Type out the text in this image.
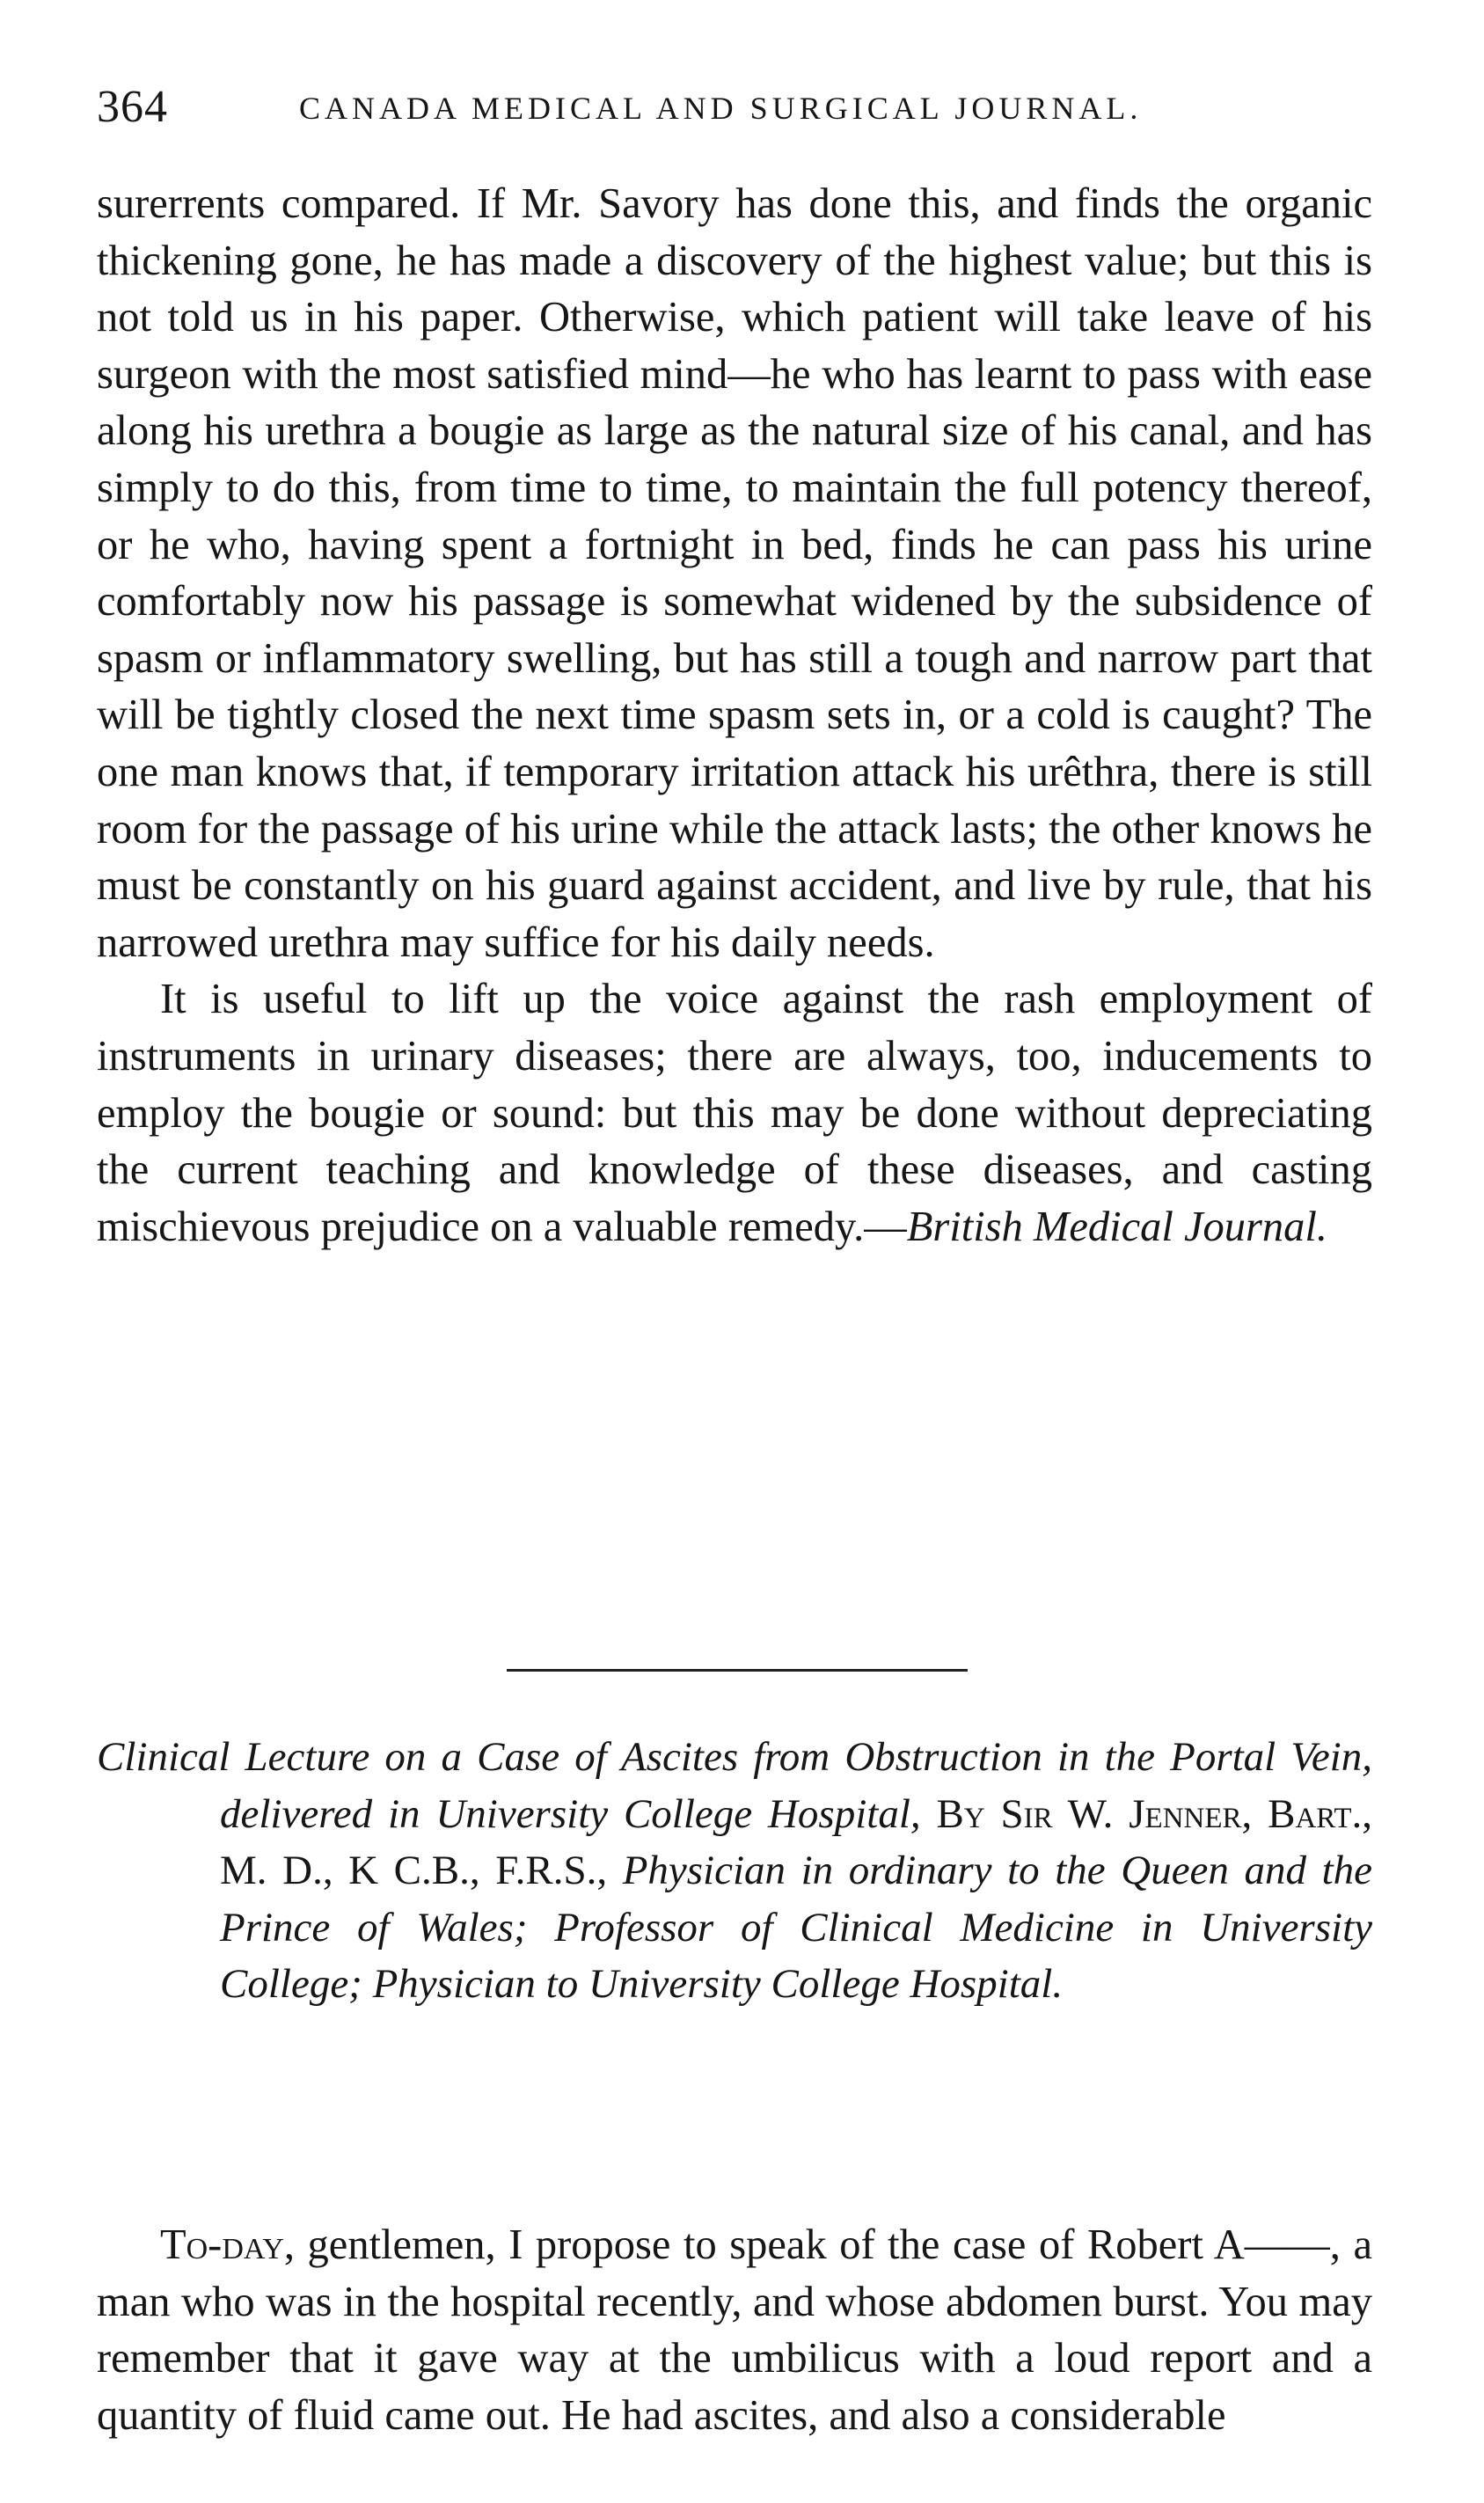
364	CANADA MEDICAL AND SURGICAL JOURNAL.

surerrents compared. If Mr. Savory has done this, and finds the organic thickening gone, he has made a discovery of the highest value; but this is not told us in his paper. Otherwise, which patient will take leave of his surgeon with the most satisfied mind—he who has learnt to pass with ease along his urethra a bougie as large as the natural size of his canal, and has simply to do this, from time to time, to maintain the full potency thereof, or he who, having spent a fortnight in bed, finds he can pass his urine comfortably now his passage is somewhat widened by the subsidence of spasm or inflammatory swelling, but has still a tough and narrow part that will be tightly closed the next time spasm sets in, or a cold is caught? The one man knows that, if temporary irritation attack his urêthra, there is still room for the passage of his urine while the attack lasts; the other knows he must be constantly on his guard against accident, and live by rule, that his narrowed urethra may suffice for his daily needs.

It is useful to lift up the voice against the rash employment of instruments in urinary diseases; there are always, too, inducements to employ the bougie or sound: but this may be done without depreciating the current teaching and knowledge of these diseases, and casting mischievous prejudice on a valuable remedy.—British Medical Journal.

Clinical Lecture on a Case of Ascites from Obstruction in the Portal Vein, delivered in University College Hospital, By Sir W. Jenner, Bart., M. D., K C.B., F.R.S., Physician in ordinary to the Queen and the Prince of Wales; Professor of Clinical Medicine in University College; Physician to University College Hospital.

To-day, gentlemen, I propose to speak of the case of Robert A——, a man who was in the hospital recently, and whose abdomen burst. You may remember that it gave way at the umbilicus with a loud report and a quantity of fluid came out. He had ascites, and also a considerable
